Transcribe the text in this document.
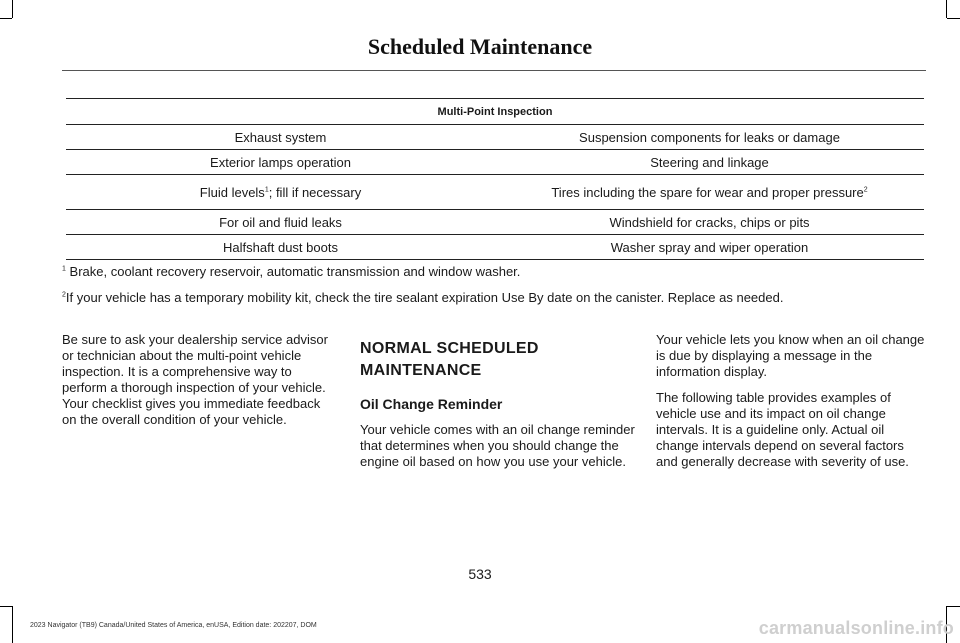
Scheduled Maintenance
Multi-Point Inspection	
Exhaust system	Suspension components for leaks or damage
Exterior lamps operation	Steering and linkage
Fluid levels$^1$; fill if necessary	Tires including the spare for wear and proper pressure$^2$
For oil and fluid leaks	Windshield for cracks, chips or pits
Halfshaft dust boots	Washer spray and wiper operation
$^1$ Brake, coolant recovery reservoir, automatic transmission and window washer.
$^2$If your vehicle has a temporary mobility kit, check the tire sealant expiration Use By date on the canister. Replace as needed.

Be sure to ask your dealership service advisor or technician about the multi-point vehicle inspection. It is a comprehensive way to perform a thorough inspection of your vehicle. Your checklist gives you immediate feedback on the overall condition of your vehicle.

NORMAL SCHEDULED
MAINTENANCE
Oil Change Reminder

Your vehicle comes with an oil change reminder that determines when you should change the engine oil based on how you use your vehicle.

Your vehicle lets you know when an oil change is due by displaying a message in the information display.

The following table provides examples of vehicle use and its impact on oil change intervals. It is a guideline only. Actual oil change intervals depend on several factors and generally decrease with severity of use.

533
2023 Navigator (TB9) Canada/United States of America, enUSA, Edition date: 202207, DOM	carmanualsonline.info
